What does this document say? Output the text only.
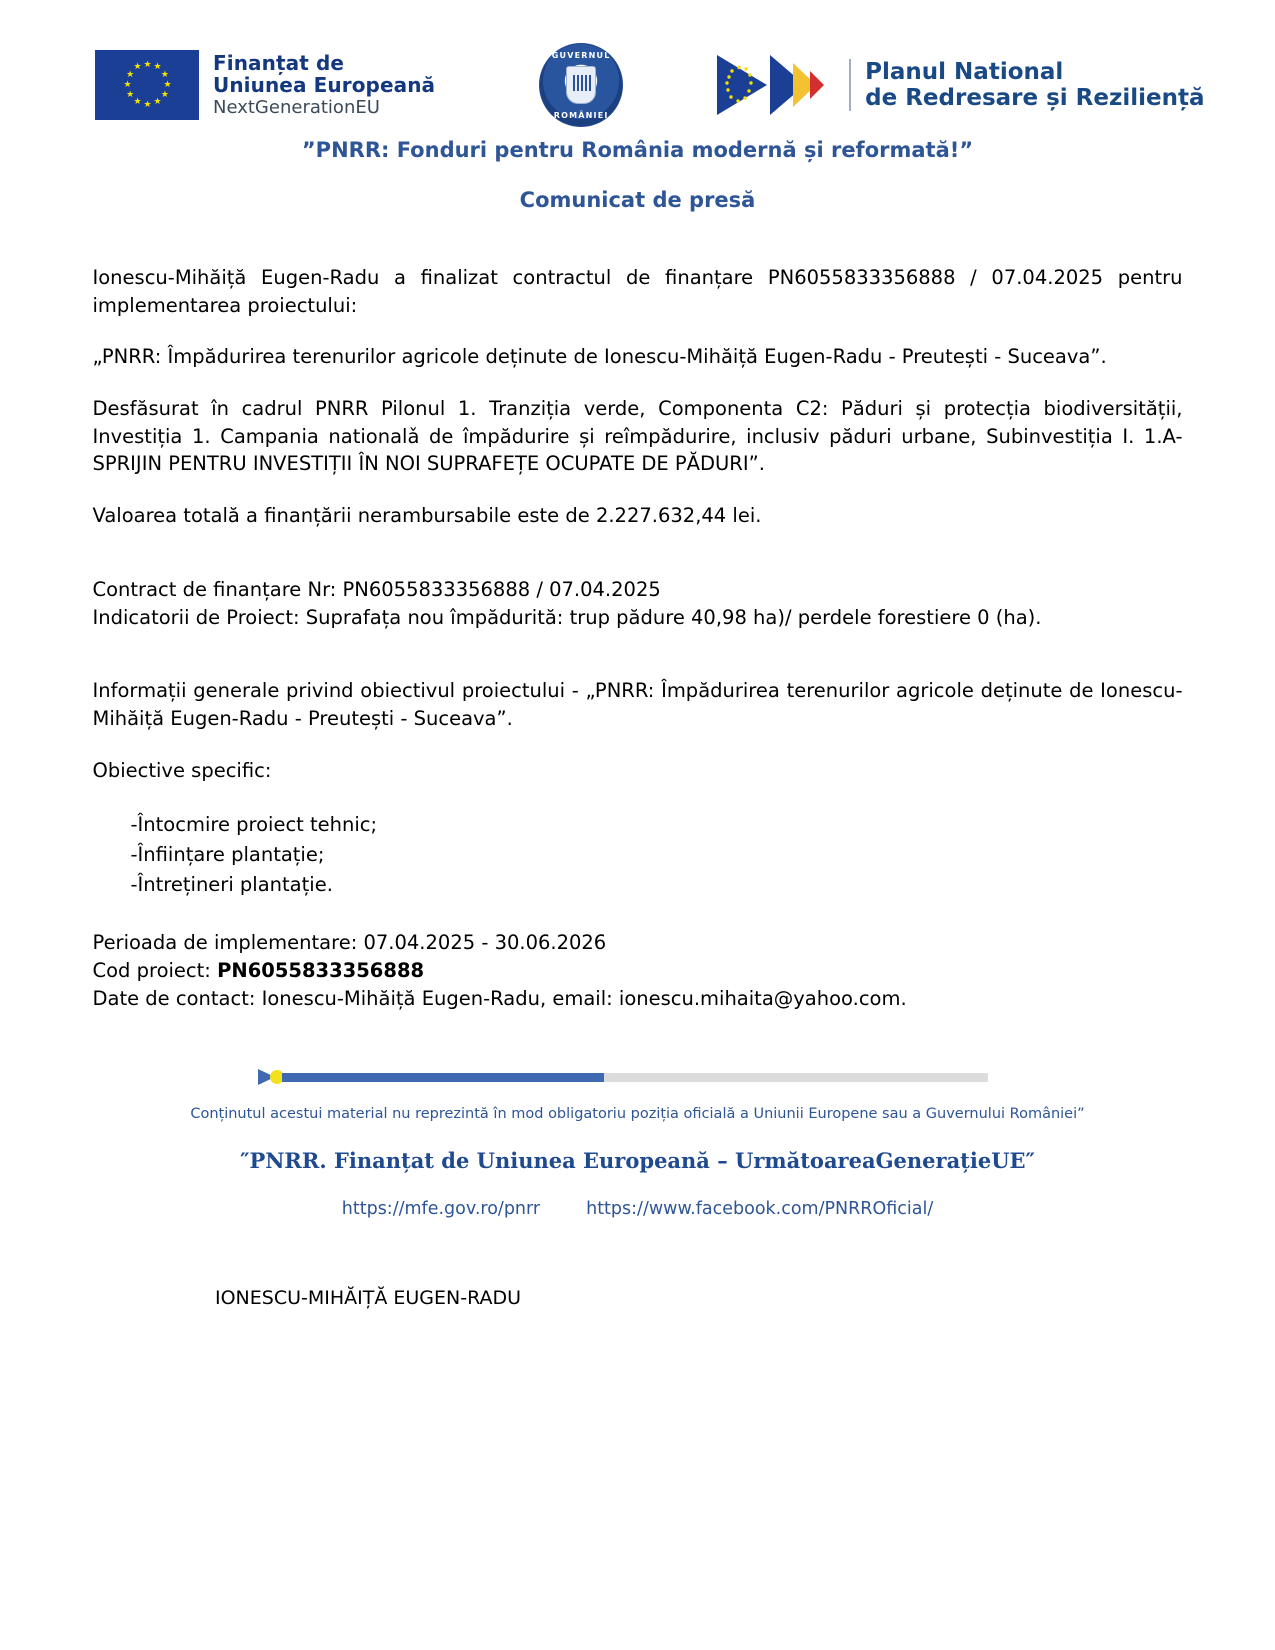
★ ★
★
★
★
★
★
★
★
★
★
★	Finanțat de
Uniunea Europeană
NextGenerationEU
GUVERNUL
ROMÂNIEI
Planul National
de Redresare și Reziliență
”PNRR: Fonduri pentru România modernă și reformată!”
Comunicat de presă

Ionescu-Mihăiță Eugen-Radu a finalizat contractul de finanțare PN6055833356888 / 07.04.2025 pentru implementarea proiectului:

„PNRR: Împădurirea terenurilor agricole deținute de Ionescu-Mihăiță Eugen-Radu - Preutești - Suceava”.

Desfăsurat în cadrul PNRR Pilonul 1. Tranziția verde, Componenta C2: Păduri și protecția biodiversității, Investiția 1. Campania nationalǎ de împădurire și reîmpădurire, inclusiv păduri urbane, Subinvestiția I. 1.A-SPRIJIN PENTRU INVESTIȚII ÎN NOI SUPRAFEȚE OCUPATE DE PĂDURI”.

Valoarea totală a finanțării nerambursabile este de 2.227.632,44 lei.

Contract de finanțare Nr: PN6055833356888 / 07.04.2025

Indicatorii de Proiect: Suprafața nou împădurită: trup pădure 40,98 ha)/ perdele forestiere 0 (ha).

Informații generale privind obiectivul proiectului - „PNRR: Împădurirea terenurilor agricole deținute de Ionescu-Mihăiță Eugen-Radu - Preutești - Suceava”.

Obiective specific:

-Întocmire proiect tehnic;
-Înființare plantație;
-Întrețineri plantație.

Perioada de implementare: 07.04.2025 - 30.06.2026

Cod proiect: PN6055833356888

Date de contact: Ionescu-Mihăiță Eugen-Radu, email: ionescu.mihaita@yahoo.com.

Conținutul acestui material nu reprezintă în mod obligatoriu poziția oficială a Uniunii Europene sau a Guvernului României”
″PNRR. Finanțat de Uniunea Europeană – UrmătoareaGenerațieUE″
https://mfe.gov.ro/pnrr	https://www.facebook.com/PNRROficial/
IONESCU-MIHĂIȚĂ EUGEN-RADU
